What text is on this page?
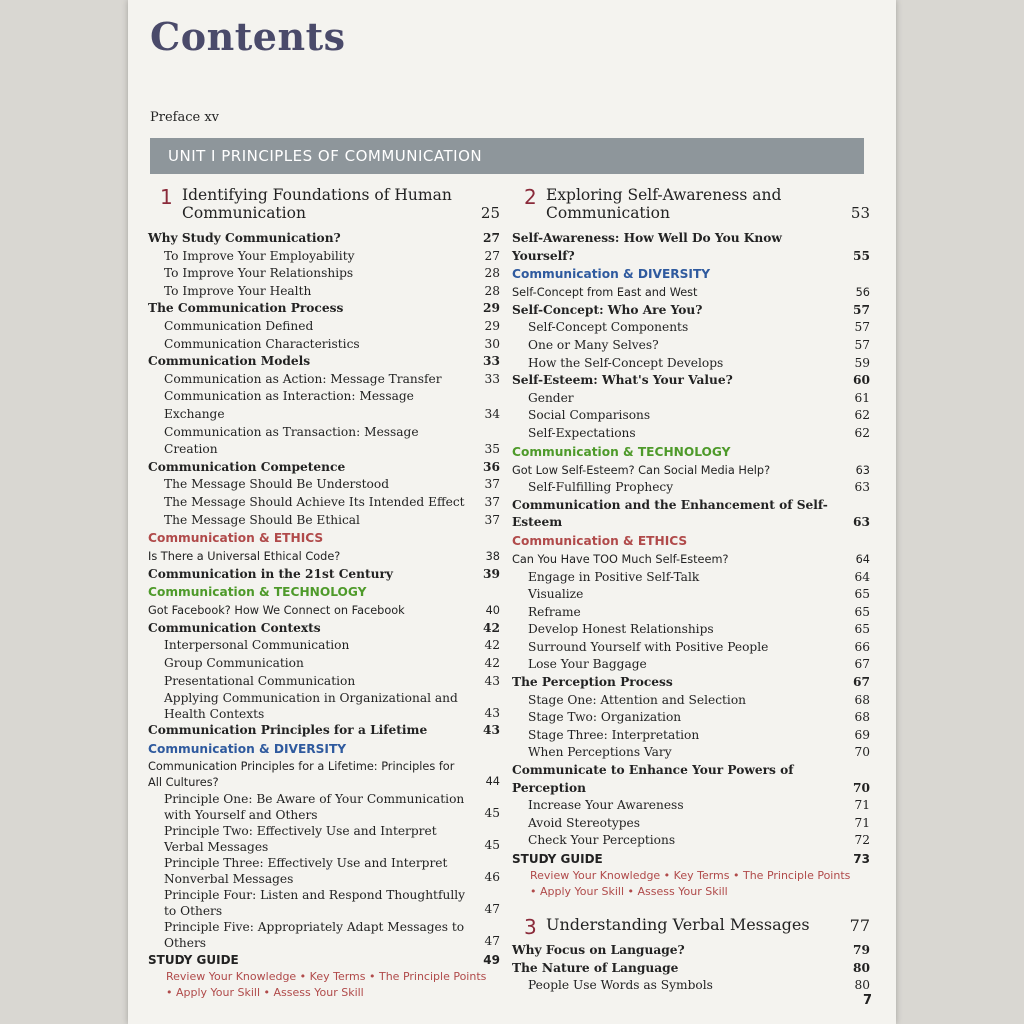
Contents
Preface xv
UNIT I PRINCIPLES OF COMMUNICATION
1 Identifying Foundations of Human Communication	25
Why Study Communication?	27
To Improve Your Employability	27
To Improve Your Relationships	28
To Improve Your Health	28
The Communication Process	29
Communication Defined	29
Communication Characteristics	30
Communication Models	33
Communication as Action: Message Transfer	33
Communication as Interaction: Message Exchange	34
Communication as Transaction: Message Creation	35
Communication Competence	36
The Message Should Be Understood	37
The Message Should Achieve Its Intended Effect	37
The Message Should Be Ethical	37
Communication & ETHICS
Is There a Universal Ethical Code?	38
Communication in the 21st Century	39
Communication & TECHNOLOGY
Got Facebook? How We Connect on Facebook	40
Communication Contexts	42
Interpersonal Communication	42
Group Communication	42
Presentational Communication	43
Applying Communication in Organizational and Health Contexts	43
Communication Principles for a Lifetime	43
Communication & DIVERSITY
Communication Principles for a Lifetime: Principles for All Cultures?	44
Principle One: Be Aware of Your Communication with Yourself and Others	45
Principle Two: Effectively Use and Interpret Verbal Messages	45
Principle Three: Effectively Use and Interpret Nonverbal Messages	46
Principle Four: Listen and Respond Thoughtfully to Others	47
Principle Five: Appropriately Adapt Messages to Others	47
STUDY GUIDE	49
Review Your Knowledge • Key Terms • The Principle Points
• Apply Your Skill • Assess Your Skill
2 Exploring Self-Awareness and Communication	53
Self-Awareness: How Well Do You Know Yourself?	55
Communication & DIVERSITY
Self-Concept from East and West	56
Self-Concept: Who Are You?	57
Self-Concept Components	57
One or Many Selves?	57
How the Self-Concept Develops	59
Self-Esteem: What's Your Value?	60
Gender	61
Social Comparisons	62
Self-Expectations	62
Communication & TECHNOLOGY
Got Low Self-Esteem? Can Social Media Help?	63
Self-Fulfilling Prophecy	63
Communication and the Enhancement of Self-Esteem	63
Communication & ETHICS
Can You Have TOO Much Self-Esteem?	64
Engage in Positive Self-Talk	64
Visualize	65
Reframe	65
Develop Honest Relationships	65
Surround Yourself with Positive People	66
Lose Your Baggage	67
The Perception Process	67
Stage One: Attention and Selection	68
Stage Two: Organization	68
Stage Three: Interpretation	69
When Perceptions Vary	70
Communicate to Enhance Your Powers of Perception	70
Increase Your Awareness	71
Avoid Stereotypes	71
Check Your Perceptions	72
STUDY GUIDE	73
Review Your Knowledge • Key Terms • The Principle Points
• Apply Your Skill • Assess Your Skill
3 Understanding Verbal Messages	77
Why Focus on Language?	79
The Nature of Language	80
People Use Words as Symbols	80
7
